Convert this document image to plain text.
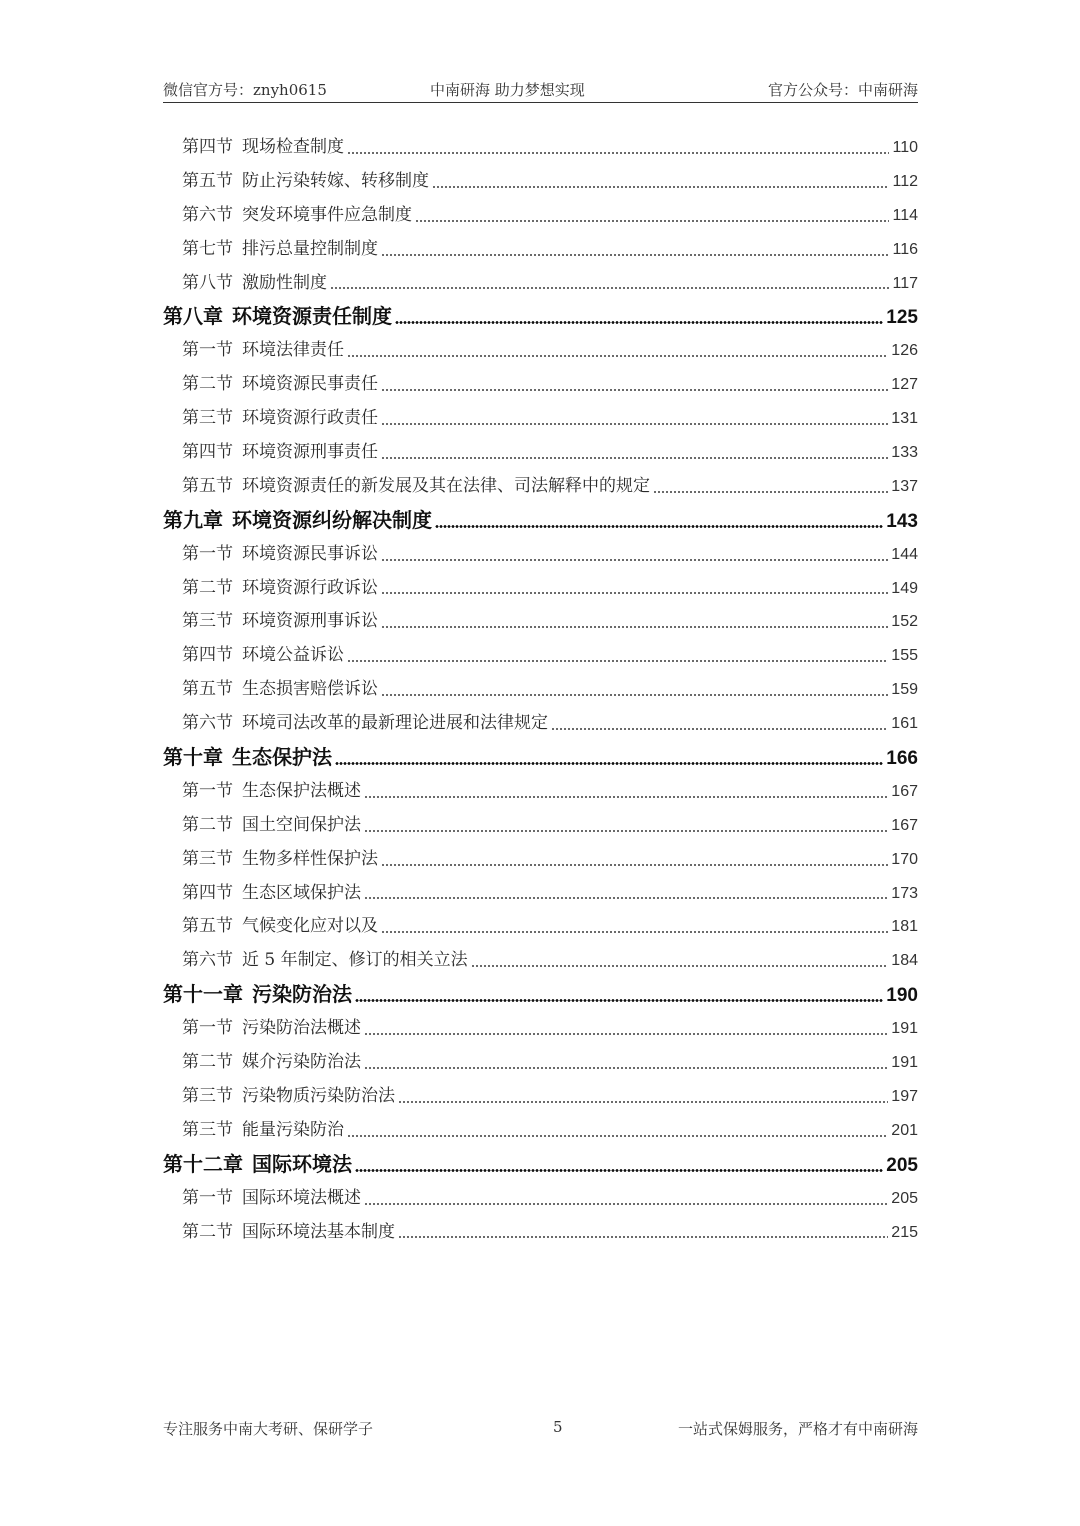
微信官方号：znyh0615	中南研海 助力梦想实现	官方公众号：中南研海
第四节 现场检查制度	110
第五节 防止污染转嫁、转移制度	112
第六节 突发环境事件应急制度	114
第七节 排污总量控制制度	116
第八节 激励性制度	117
第八章 环境资源责任制度	125
第一节 环境法律责任	126
第二节 环境资源民事责任	127
第三节 环境资源行政责任	131
第四节 环境资源刑事责任	133
第五节 环境资源责任的新发展及其在法律、司法解释中的规定	137
第九章 环境资源纠纷解决制度	143
第一节 环境资源民事诉讼	144
第二节 环境资源行政诉讼	149
第三节 环境资源刑事诉讼	152
第四节 环境公益诉讼	155
第五节 生态损害赔偿诉讼	159
第六节 环境司法改革的最新理论进展和法律规定	161
第十章 生态保护法	166
第一节 生态保护法概述	167
第二节 国土空间保护法	167
第三节 生物多样性保护法	170
第四节 生态区域保护法	173
第五节 气候变化应对以及	181
第六节 近 5 年制定、修订的相关立法	184
第十一章 污染防治法	190
第一节 污染防治法概述	191
第二节 媒介污染防治法	191
第三节 污染物质污染防治法	197
第三节 能量污染防治	201
第十二章 国际环境法	205
第一节 国际环境法概述	205
第二节 国际环境法基本制度	215
专注服务中南大考研、保研学子	5	一站式保姆服务，严格才有中南研海
